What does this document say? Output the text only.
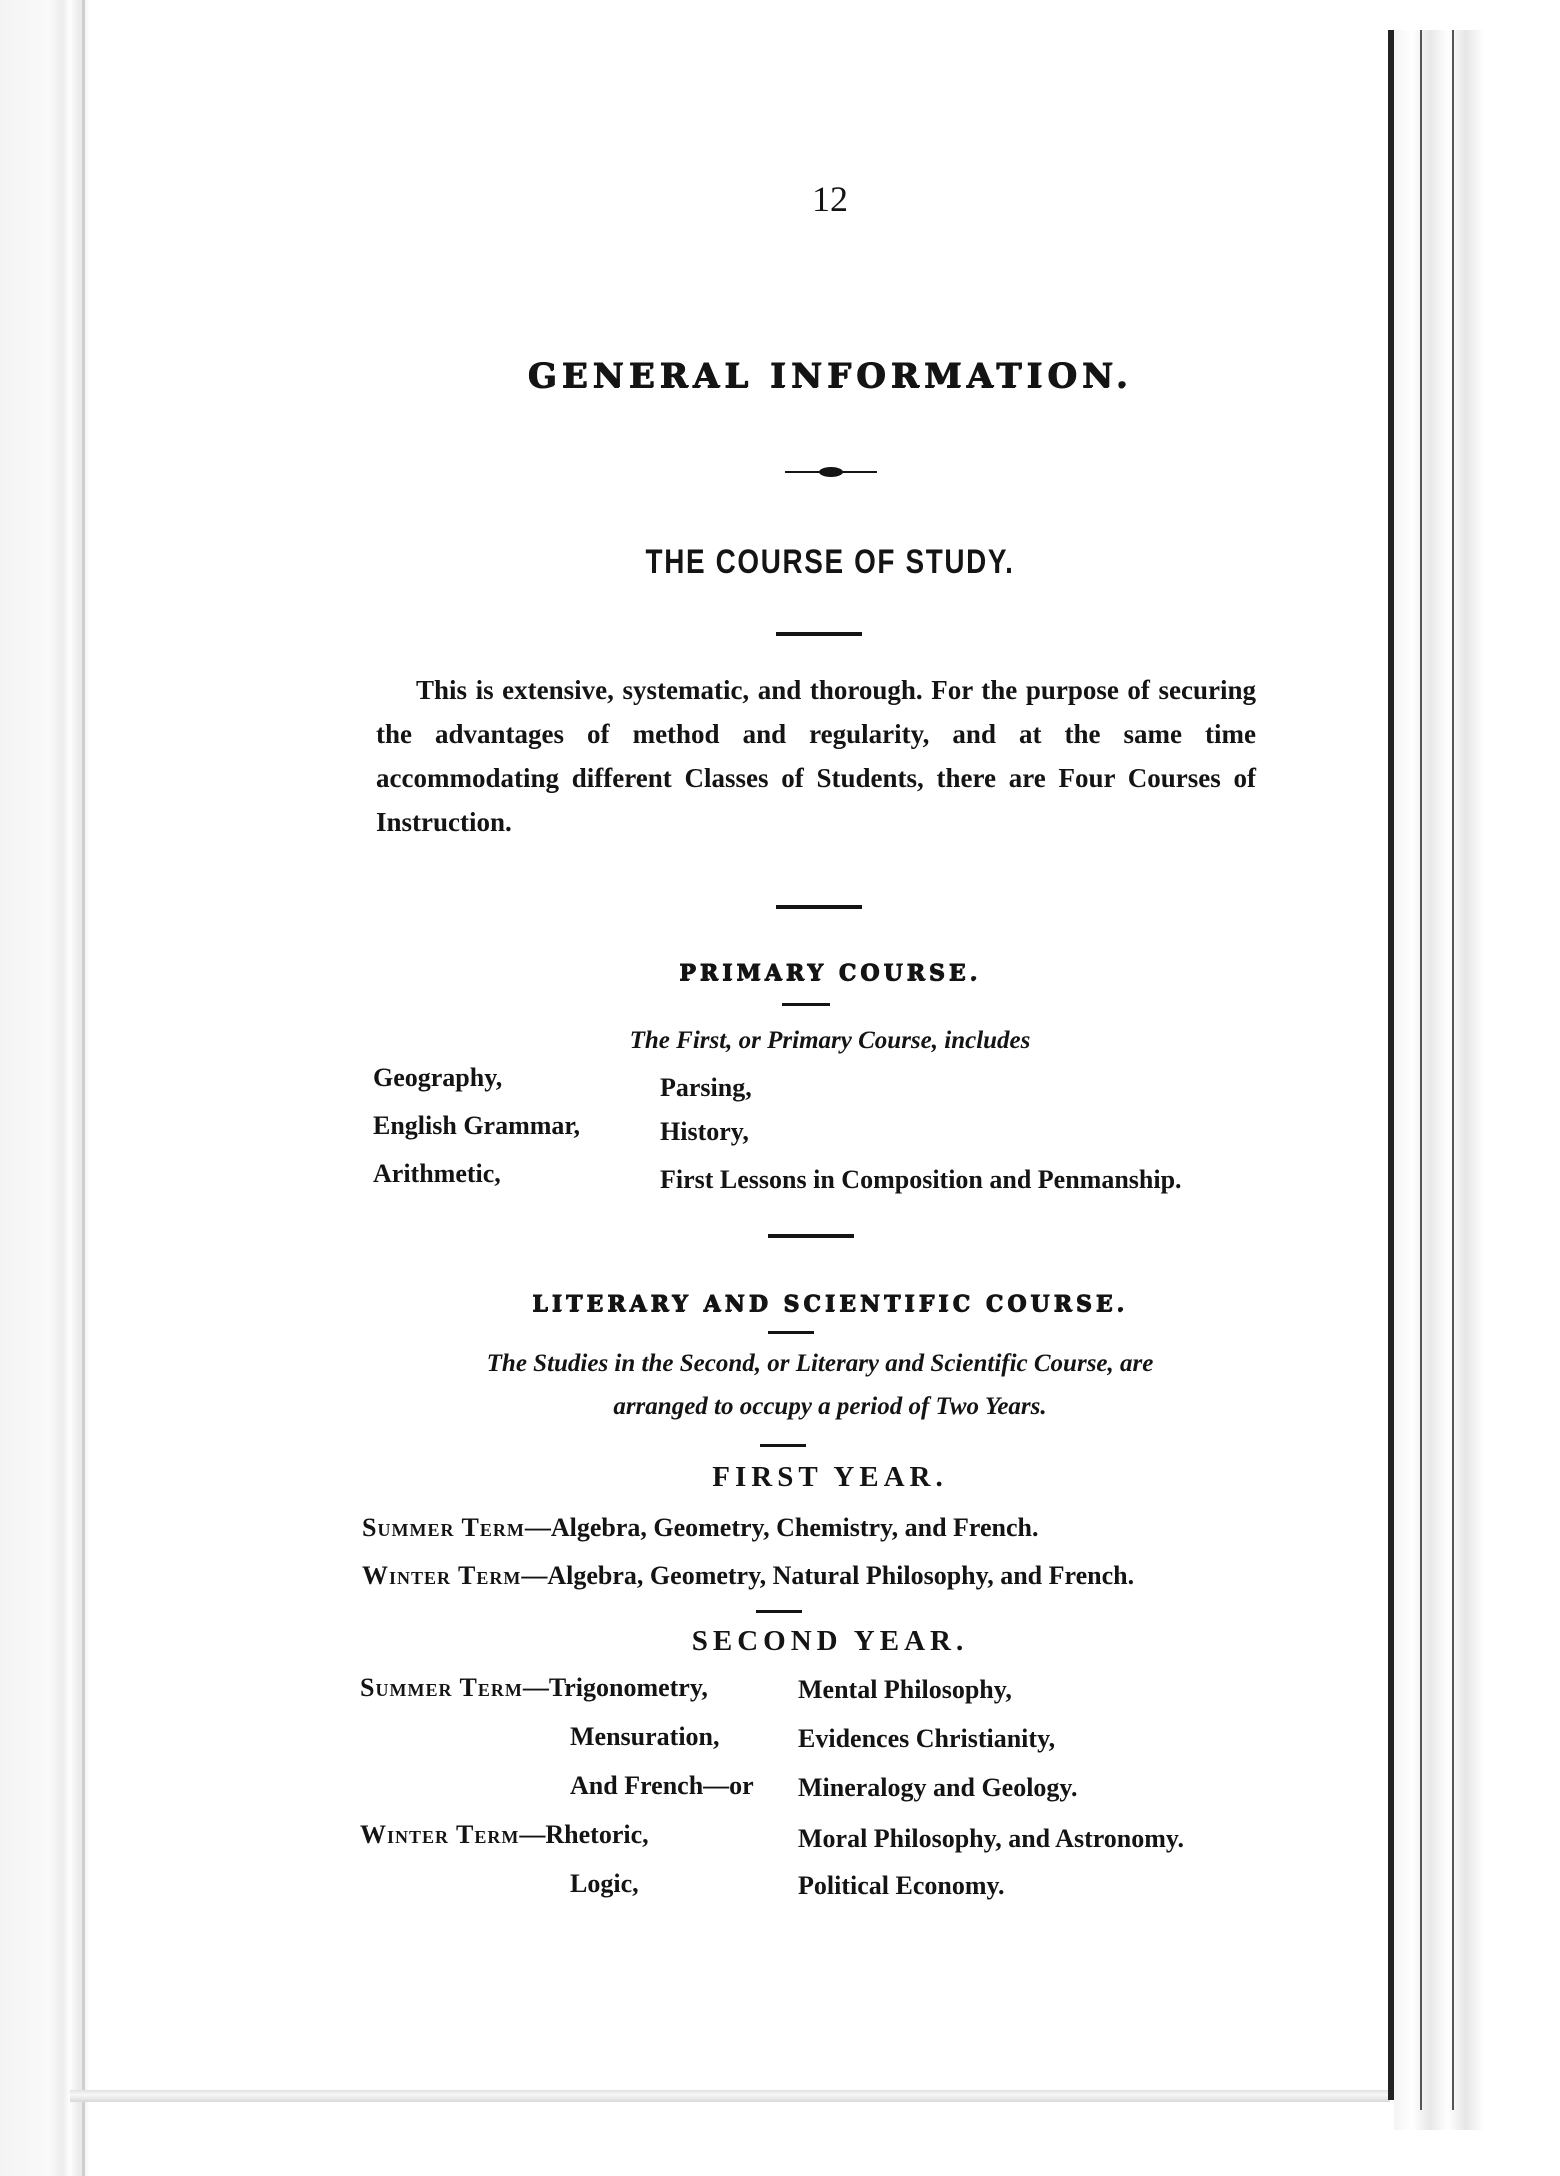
12
GENERAL INFORMATION.
THE COURSE OF STUDY.

This is extensive, systematic, and thorough. For the purpose of securing the advantages of method and regularity, and at the same time accommodating different Classes of Students, there are Four Courses of Instruction.

PRIMARY COURSE.
The First, or Primary Course, includes
Geography,
English Grammar,
Arithmetic,
Parsing,
History,
First Lessons in Composition and Penmanship.
LITERARY AND SCIENTIFIC COURSE.
The Studies in the Second, or Literary and Scientific Course, are
arranged to occupy a period of Two Years.
FIRST YEAR.
Summer Term—Algebra, Geometry, Chemistry, and French.
Winter Term—Algebra, Geometry, Natural Philosophy, and French.
SECOND YEAR.
Summer Term—Trigonometry,
Mensuration,
And French—or
Mental Philosophy,
Evidences Christianity,
Mineralogy and Geology.
Winter Term—Rhetoric,
Logic,
Moral Philosophy, and Astronomy.
Political Economy.
